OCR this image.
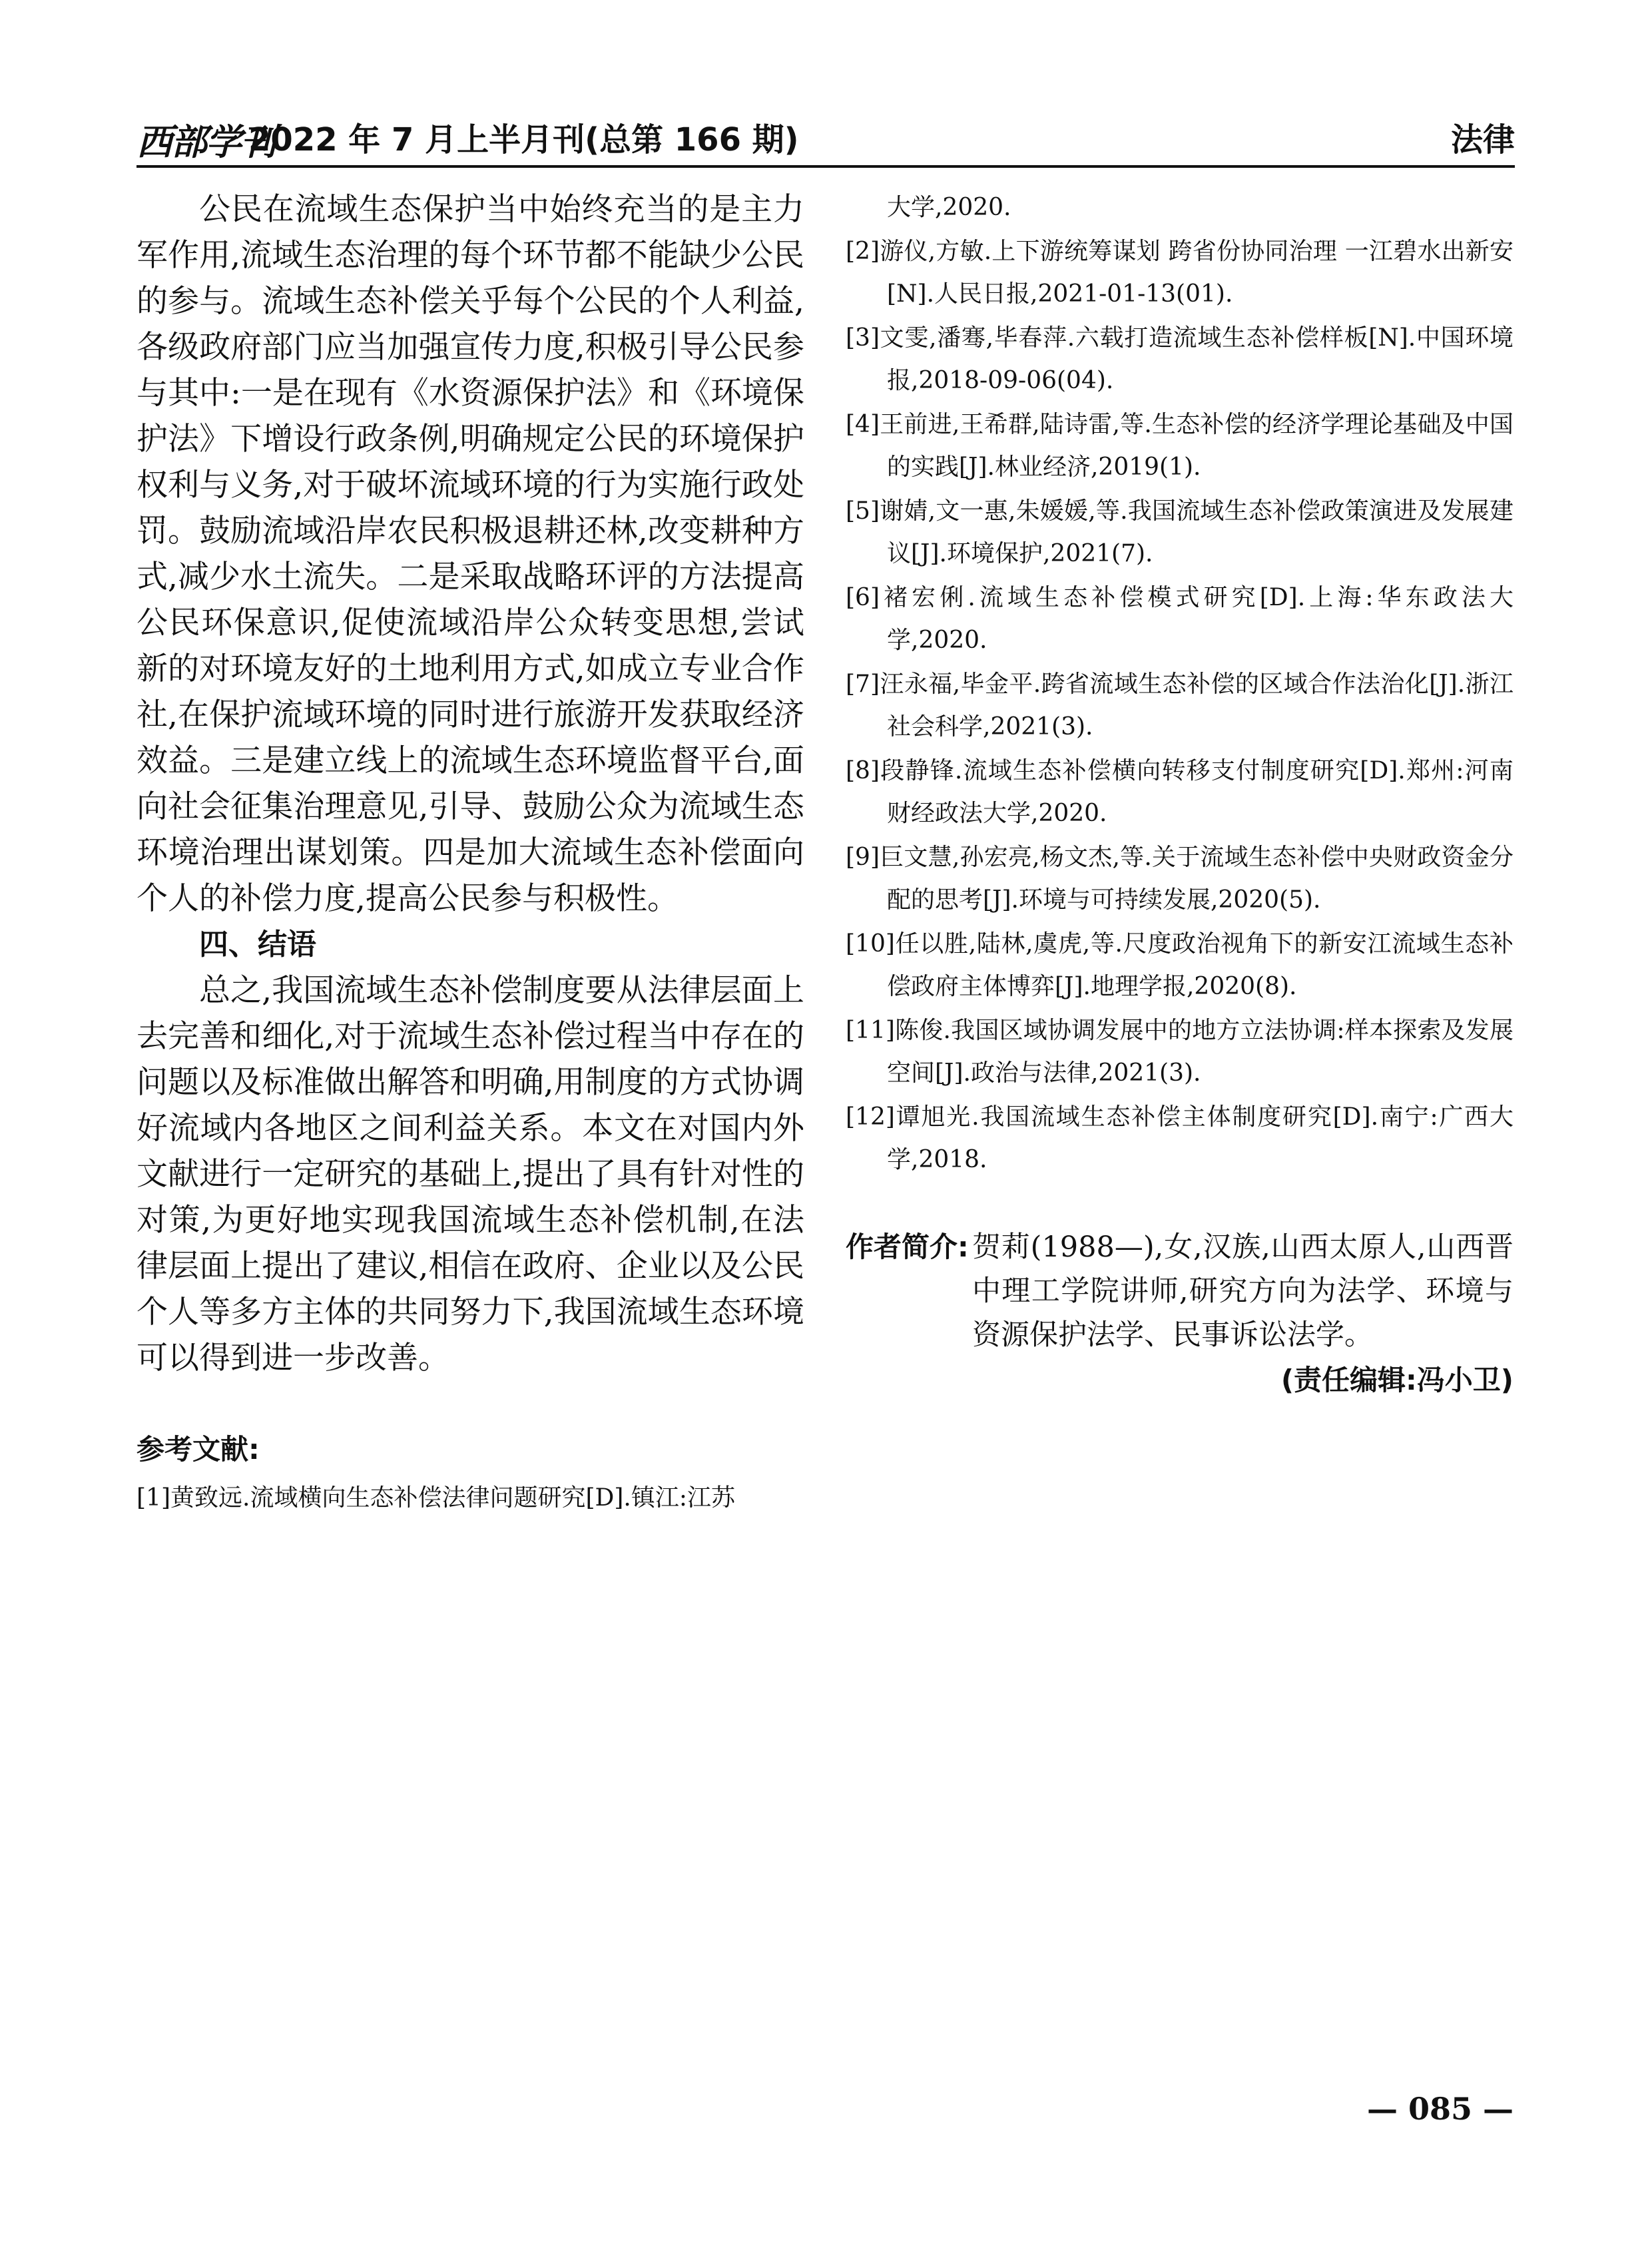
西部学刊
2022 年 7 月上半月刊(总第 166 期)	法律

公民在流域生态保护当中始终充当的是主力军作用,流域生态治理的每个环节都不能缺少公民的参与。流域生态补偿关乎每个公民的个人利益,各级政府部门应当加强宣传力度,积极引导公民参与其中:一是在现有《水资源保护法》和《环境保护法》下增设行政条例,明确规定公民的环境保护权利与义务,对于破坏流域环境的行为实施行政处罚。鼓励流域沿岸农民积极退耕还林,改变耕种方式,减少水土流失。二是采取战略环评的方法提高公民环保意识,促使流域沿岸公众转变思想,尝试新的对环境友好的土地利用方式,如成立专业合作社,在保护流域环境的同时进行旅游开发获取经济效益。三是建立线上的流域生态环境监督平台,面向社会征集治理意见,引导、鼓励公众为流域生态环境治理出谋划策。四是加大流域生态补偿面向个人的补偿力度,提高公民参与积极性。

四、结语

总之,我国流域生态补偿制度要从法律层面上去完善和细化,对于流域生态补偿过程当中存在的问题以及标准做出解答和明确,用制度的方式协调好流域内各地区之间利益关系。本文在对国内外文献进行一定研究的基础上,提出了具有针对性的对策,为更好地实现我国流域生态补偿机制,在法律层面上提出了建议,相信在政府、企业以及公民个人等多方主体的共同努力下,我国流域生态环境可以得到进一步改善。

参考文献:

[1]黄致远.流域横向生态补偿法律问题研究[D].镇江:江苏

大学,2020.

[2]游仪,方敏.上下游统筹谋划 跨省份协同治理 一江碧水出新安[N].人民日报,2021-01-13(01).

[3]文雯,潘骞,毕春萍.六载打造流域生态补偿样板[N].中国环境报,2018-09-06(04).

[4]王前进,王希群,陆诗雷,等.生态补偿的经济学理论基础及中国的实践[J].林业经济,2019(1).

[5]谢婧,文一惠,朱媛媛,等.我国流域生态补偿政策演进及发展建议[J].环境保护,2021(7).

[6]褚宏俐.流域生态补偿模式研究[D].上海:华东政法大学,2020.

[7]汪永福,毕金平.跨省流域生态补偿的区域合作法治化[J].浙江社会科学,2021(3).

[8]段静锋.流域生态补偿横向转移支付制度研究[D].郑州:河南财经政法大学,2020.

[9]巨文慧,孙宏亮,杨文杰,等.关于流域生态补偿中央财政资金分配的思考[J].环境与可持续发展,2020(5).

[10]任以胜,陆林,虞虎,等.尺度政治视角下的新安江流域生态补偿政府主体博弈[J].地理学报,2020(8).

[11]陈俊.我国区域协调发展中的地方立法协调:样本探索及发展空间[J].政治与法律,2021(3).

[12]谭旭光.我国流域生态补偿主体制度研究[D].南宁:广西大学,2018.

作者简介: 贺莉(1988—),女,汉族,山西太原人,山西晋中理工学院讲师,研究方向为法学、环境与资源保护法学、民事诉讼法学。
(责任编辑:冯小卫)
— 085 —
